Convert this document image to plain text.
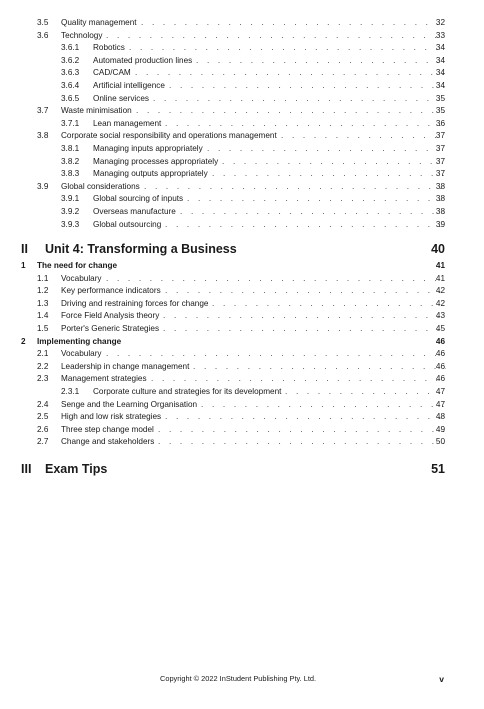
3.5 Quality management . . .	32
3.6 Technology . . .	33
3.6.1 Robotics . . .	34
3.6.2 Automated production lines . . .	34
3.6.3 CAD/CAM . . .	34
3.6.4 Artificial intelligence . . .	34
3.6.5 Online services . . .	35
3.7 Waste minimisation . . .	35
3.7.1 Lean management . . .	36
3.8 Corporate social responsibility and operations management . . .	37
3.8.1 Managing inputs appropriately . . .	37
3.8.2 Managing processes appropriately . . .	37
3.8.3 Managing outputs appropriately . . .	37
3.9 Global considerations . . .	38
3.9.1 Global sourcing of inputs . . .	38
3.9.2 Overseas manufacture . . .	38
3.9.3 Global outsourcing . . .	39
II Unit 4: Transforming a Business	40
1 The need for change	41
1.1 Vocabulary . . .	41
1.2 Key performance indicators . . .	42
1.3 Driving and restraining forces for change . . .	42
1.4 Force Field Analysis theory . . .	43
1.5 Porter's Generic Strategies . . .	45
2 Implementing change	46
2.1 Vocabulary . . .	46
2.2 Leadership in change management . . .	46
2.3 Management strategies . . .	46
2.3.1 Corporate culture and strategies for its development . . .	47
2.4 Senge and the Learning Organisation . . .	47
2.5 High and low risk strategies . . .	48
2.6 Three step change model . . .	49
2.7 Change and stakeholders . . .	50
III Exam Tips	51
Copyright © 2022 InStudent Publishing Pty. Ltd.	v
